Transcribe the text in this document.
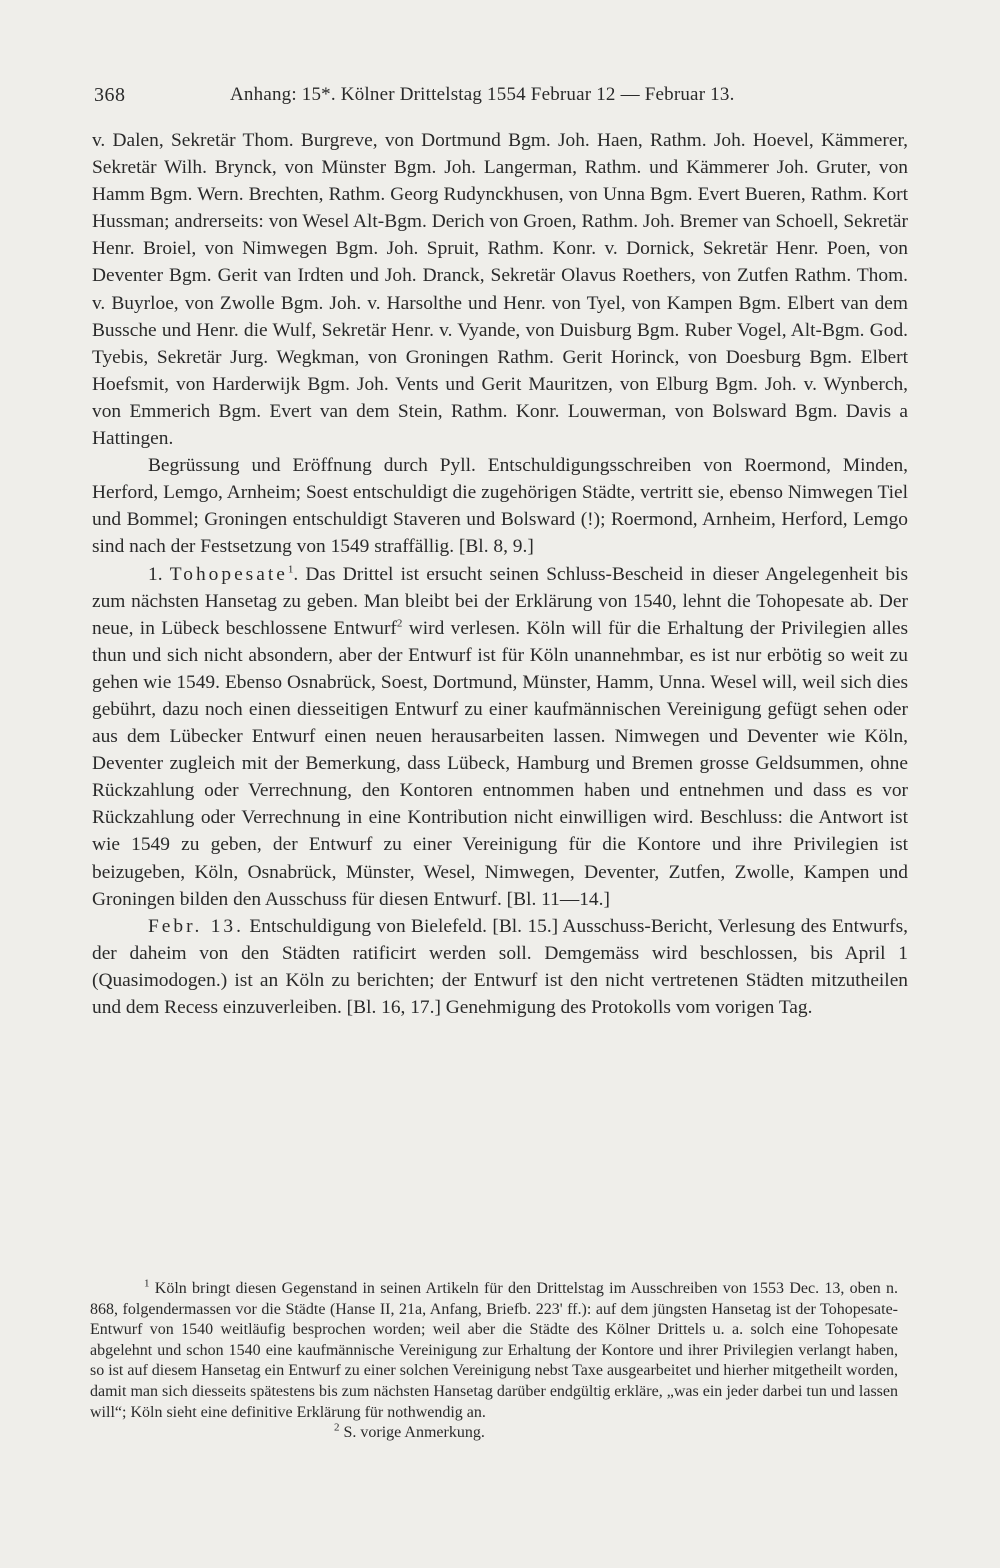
368	Anhang: 15*. Kölner Drittelstag 1554 Februar 12 — Februar 13.

v. Dalen, Sekretär Thom. Burgreve, von Dortmund Bgm. Joh. Haen, Rathm. Joh. Hoevel, Kämmerer, Sekretär Wilh. Brynck, von Münster Bgm. Joh. Langerman, Rathm. und Kämmerer Joh. Gruter, von Hamm Bgm. Wern. Brechten, Rathm. Georg Rudynckhusen, von Unna Bgm. Evert Bueren, Rathm. Kort Hussman; andrerseits: von Wesel Alt-Bgm. Derich von Groen, Rathm. Joh. Bremer van Schoell, Sekretär Henr. Broiel, von Nimwegen Bgm. Joh. Spruit, Rathm. Konr. v. Dornick, Sekretär Henr. Poen, von Deventer Bgm. Gerit van Irdten und Joh. Dranck, Sekretär Olavus Roethers, von Zutfen Rathm. Thom. v. Buyrloe, von Zwolle Bgm. Joh. v. Harsolthe und Henr. von Tyel, von Kampen Bgm. Elbert van dem Bussche und Henr. die Wulf, Sekretär Henr. v. Vyande, von Duisburg Bgm. Ruber Vogel, Alt-Bgm. God. Tyebis, Sekretär Jurg. Wegkman, von Groningen Rathm. Gerit Horinck, von Doesburg Bgm. Elbert Hoefsmit, von Harderwijk Bgm. Joh. Vents und Gerit Mauritzen, von Elburg Bgm. Joh. v. Wynberch, von Emmerich Bgm. Evert van dem Stein, Rathm. Konr. Louwerman, von Bolsward Bgm. Davis a Hattingen.

Begrüssung und Eröffnung durch Pyll. Entschuldigungsschreiben von Roermond, Minden, Herford, Lemgo, Arnheim; Soest entschuldigt die zugehörigen Städte, vertritt sie, ebenso Nimwegen Tiel und Bommel; Groningen entschuldigt Staveren und Bolsward (!); Roermond, Arnheim, Herford, Lemgo sind nach der Festsetzung von 1549 straffällig. [Bl. 8, 9.]

1. Tohopesate$^1$. Das Drittel ist ersucht seinen Schluss-Bescheid in dieser Angelegenheit bis zum nächsten Hansetag zu geben. Man bleibt bei der Erklärung von 1540, lehnt die Tohopesate ab. Der neue, in Lübeck beschlossene Entwurf$^2$ wird verlesen. Köln will für die Erhaltung der Privilegien alles thun und sich nicht absondern, aber der Entwurf ist für Köln unannehmbar, es ist nur erbötig so weit zu gehen wie 1549. Ebenso Osnabrück, Soest, Dortmund, Münster, Hamm, Unna. Wesel will, weil sich dies gebührt, dazu noch einen diesseitigen Entwurf zu einer kaufmännischen Vereinigung gefügt sehen oder aus dem Lübecker Entwurf einen neuen herausarbeiten lassen. Nimwegen und Deventer wie Köln, Deventer zugleich mit der Bemerkung, dass Lübeck, Hamburg und Bremen grosse Geldsummen, ohne Rückzahlung oder Verrechnung, den Kontoren entnommen haben und entnehmen und dass es vor Rückzahlung oder Verrechnung in eine Kontribution nicht einwilligen wird. Beschluss: die Antwort ist wie 1549 zu geben, der Entwurf zu einer Vereinigung für die Kontore und ihre Privilegien ist beizugeben, Köln, Osnabrück, Münster, Wesel, Nimwegen, Deventer, Zutfen, Zwolle, Kampen und Groningen bilden den Ausschuss für diesen Entwurf. [Bl. 11—14.]

Febr. 13. Entschuldigung von Bielefeld. [Bl. 15.] Ausschuss-Bericht, Verlesung des Entwurfs, der daheim von den Städten ratificirt werden soll. Demgemäss wird beschlossen, bis April 1 (Quasimodogen.) ist an Köln zu berichten; der Entwurf ist den nicht vertretenen Städten mitzutheilen und dem Recess einzuverleiben. [Bl. 16, 17.] Genehmigung des Protokolls vom vorigen Tag.

$^1$ Köln bringt diesen Gegenstand in seinen Artikeln für den Drittelstag im Ausschreiben von 1553 Dec. 13, oben n. 868, folgendermassen vor die Städte (Hanse II, 21a, Anfang, Briefb. 223' ff.): auf dem jüngsten Hansetag ist der Tohopesate-Entwurf von 1540 weitläufig besprochen worden; weil aber die Städte des Kölner Drittels u. a. solch eine Tohopesate abgelehnt und schon 1540 eine kaufmännische Vereinigung zur Erhaltung der Kontore und ihrer Privilegien verlangt haben, so ist auf diesem Hansetag ein Entwurf zu einer solchen Vereinigung nebst Taxe ausgearbeitet und hierher mitgetheilt worden, damit man sich diesseits spätestens bis zum nächsten Hansetag darüber endgültig erkläre, „was ein jeder darbei tun und lassen will“; Köln sieht eine definitive Erklärung für nothwendig an.

$^2$ S. vorige Anmerkung.
